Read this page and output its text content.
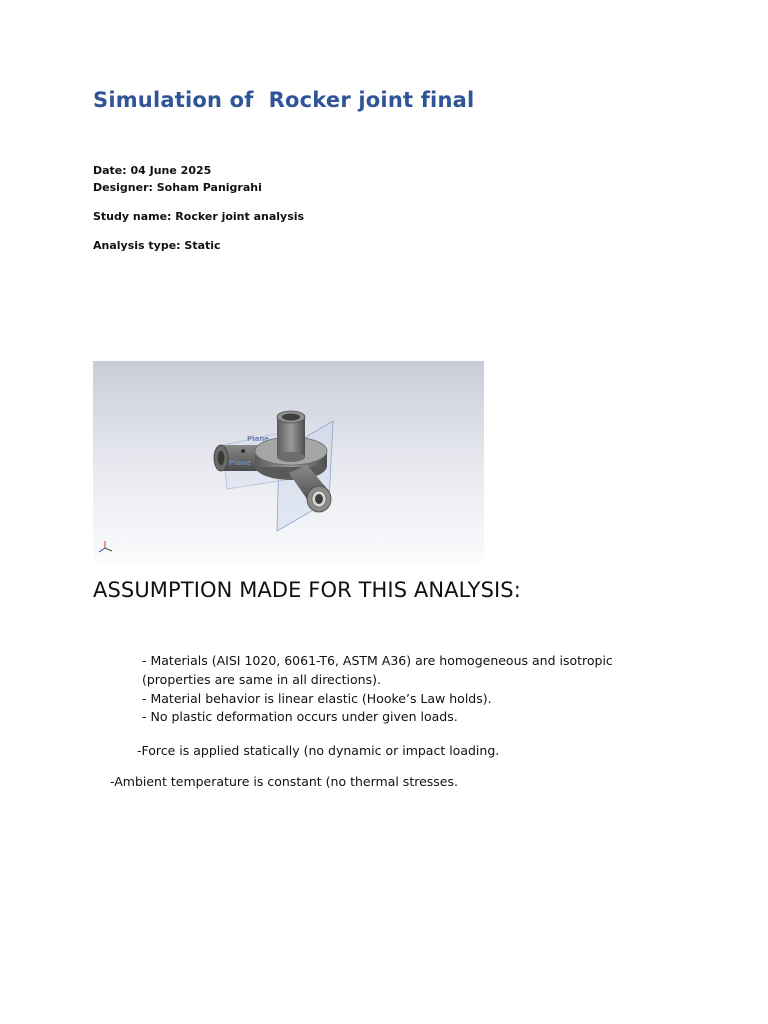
Simulation of  Rocker joint final
Date: 04 June 2025
Designer: Soham Panigrahi
Study name: Rocker joint analysis
Analysis type: Static
Plane
Plane
ASSUMPTION MADE FOR THIS ANALYSIS:
- Materials (AISI 1020, 6061-T6, ASTM A36) are homogeneous and isotropic (properties are same in all directions).
- Material behavior is linear elastic (Hooke’s Law holds).
- No plastic deformation occurs under given loads.
-Force is applied statically (no dynamic or impact loading.
-Ambient temperature is constant (no thermal stresses.
